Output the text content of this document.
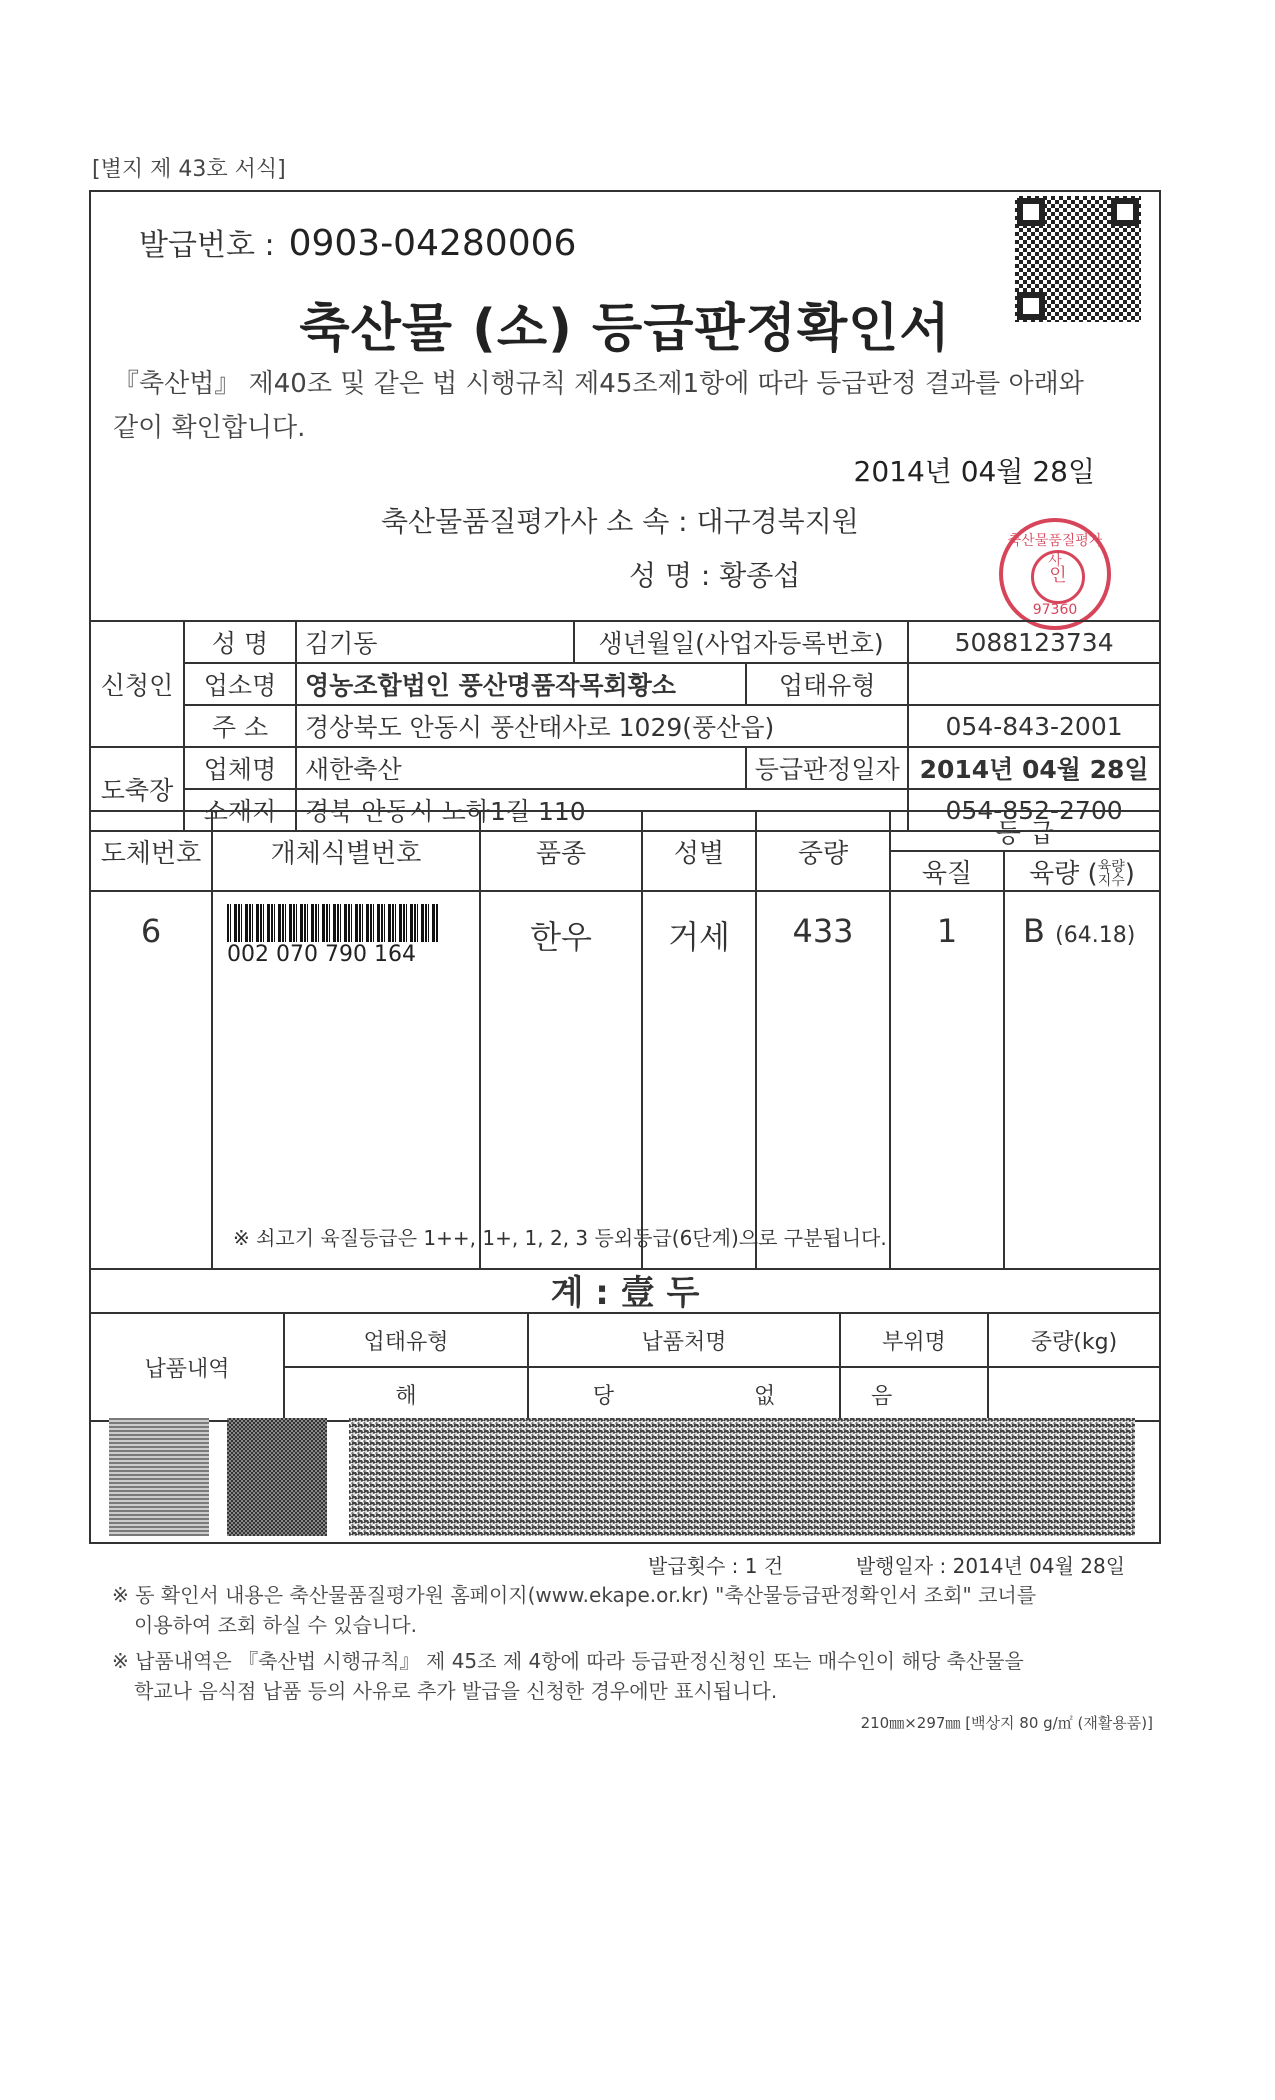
[별지 제 43호 서식]
발급번호 : 0903-04280006
축산물 (소) 등급판정확인서
『축산법』 제40조 및 같은 법 시행규칙 제45조제1항에 따라 등급판정 결과를 아래와 같이 확인합니다.
2014년 04월 28일
축산물품질평가사 소 속 : 대구경북지원
성 명 : 황종섭
축산물품질평가사
인
97360
신청인	성 명	김기동	생년월일(사업자등록번호)		5088123734
	업소명	영농조합법인 풍산명품작목회황소		업태유형	
	주 소	경상북도 안동시 풍산태사로 1029(풍산읍)			054-843-2001
도축장	업체명	새한축산		등급판정일자	2014년 04월 28일
	소재지	경북 안동시 노하1길 110			054-852-2700
도체번호	개체식별번호	품종	성별	중량	등 급	
					육질	육량 (육량
지수)
6	002 070 790 164	한우	거세	433	1	B (64.18)
※ 쇠고기 육질등급은 1++, 1+, 1, 2, 3 등외등급(6단계)으로 구분됩니다.
계 : 壹 두
납품내역	업태유형	납품처명	부위명	중량(kg)
	해	당 없	음	
발급횟수 : 1 건	발행일자 : 2014년 04월 28일
※ 동 확인서 내용은 축산물품질평가원 홈페이지(www.ekape.or.kr) "축산물등급판정확인서 조회" 코너를
이용하여 조회 하실 수 있습니다.
※ 납품내역은 『축산법 시행규칙』 제 45조 제 4항에 따라 등급판정신청인 또는 매수인이 해당 축산물을
학교나 음식점 납품 등의 사유로 추가 발급을 신청한 경우에만 표시됩니다.
210㎜×297㎜ [백상지 80 g/㎡ (재활용품)]
